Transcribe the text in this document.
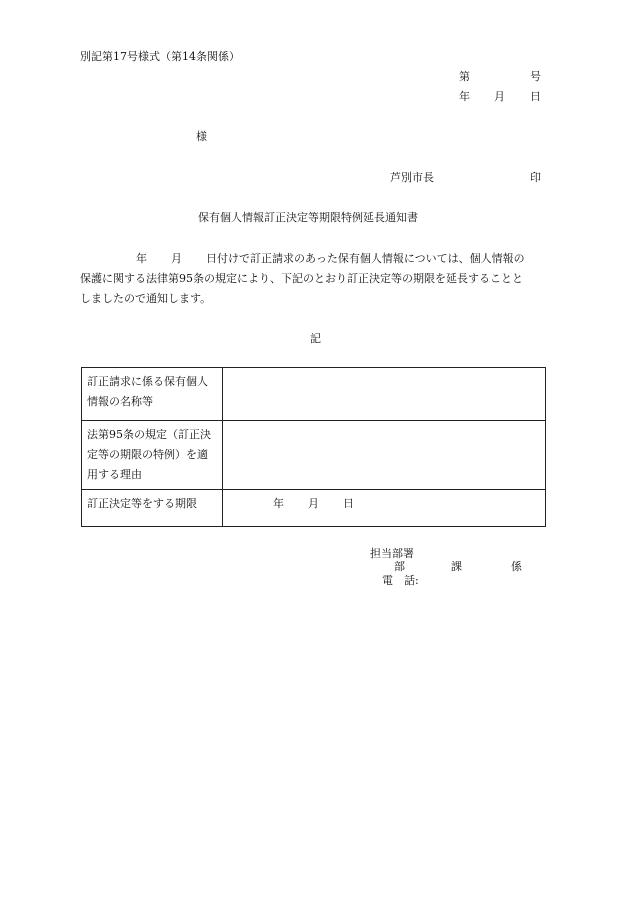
別記第17号様式（第14条関係）
第	号
年 月 日
様
芦別市長	印
保有個人情報訂正決定等期限特例延長通知書
年 月 日付けで訂正請求のあった保有個人情報については、個人情報の
保護に関する法律第95条の規定により、下記のとおり訂正決定等の期限を延長することと
しましたので通知します。
記
訂正請求に係る保有個人
情報の名称等	

法第95条の規定（訂正決
定等の期限の特例）を適
用する理由	

訂正決定等をする期限	年 月 日
担当部署
部	課	係
電　話:
